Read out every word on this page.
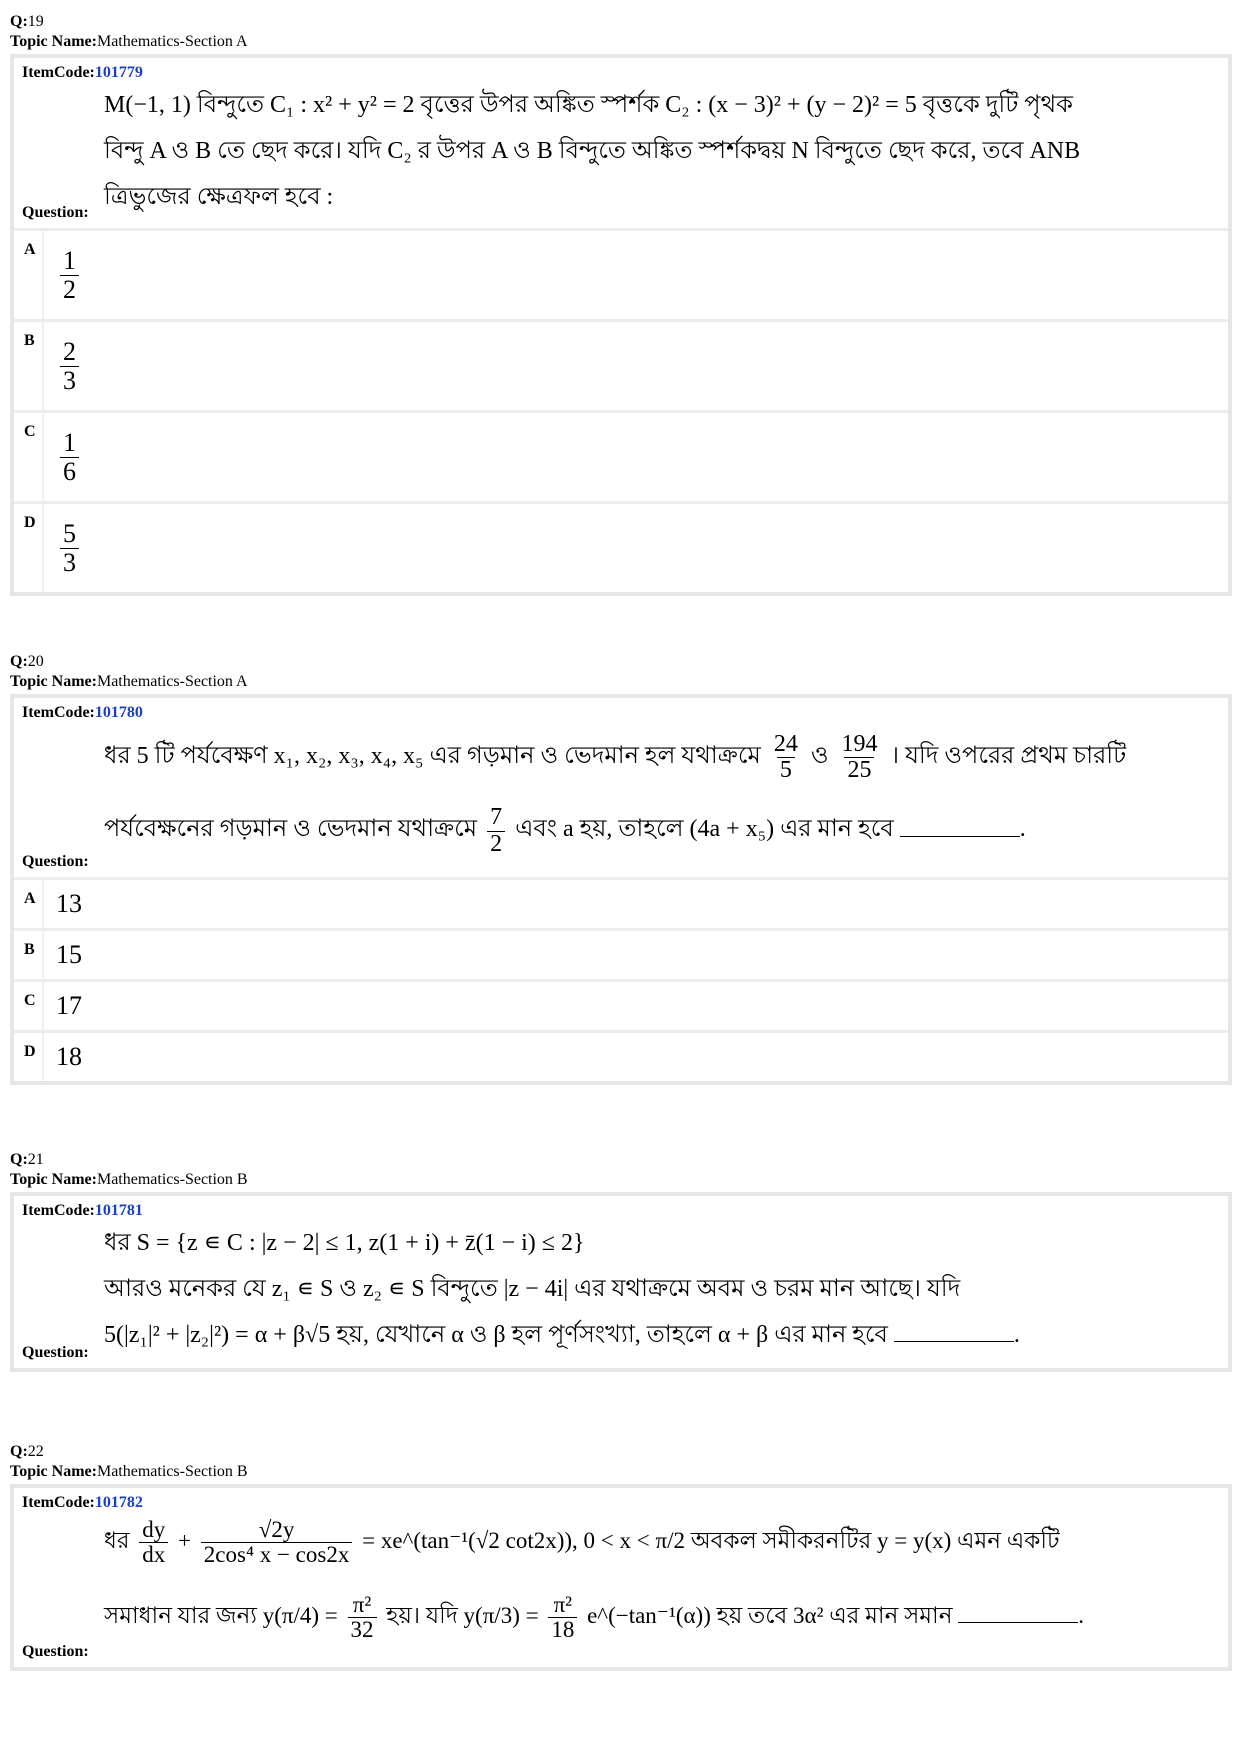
Q:19
Topic Name:Mathematics-Section A
ItemCode:101779
M(−1, 1) বিন্দুতে C₁ : x² + y² = 2 বৃত্তের উপর অঙ্কিত স্পর্শক C₂ : (x − 3)² + (y − 2)² = 5 বৃত্তকে দুটি পৃথক
বিন্দু A ও B তে ছেদ করে। যদি C₂ র উপর A ও B বিন্দুতে অঙ্কিত স্পর্শকদ্বয় N বিন্দুতে ছেদ করে, তবে ANB
ত্রিভুজের ক্ষেত্রফল হবে :
Question:
A $\frac{1}{2}$
B $\frac{2}{3}$
C $\frac{1}{6}$
D $\frac{5}{3}$
Q:20
Topic Name:Mathematics-Section A
ItemCode:101780
ধর 5 টি পর্যবেক্ষণ x₁, x₂, x₃, x₄, x₅ এর গড়মান ও ভেদমান হল যথাক্রমে $\frac{24}{5}$ ও $\frac{194}{25}$ । যদি ওপরের প্রথম চারটি
পর্যবেক্ষনের গড়মান ও ভেদমান যথাক্রমে $\frac{7}{2}$ এবং a হয়, তাহলে (4a + x₅) এর মান হবে	.
Question:
A 13
B 15
C 17
D 18
Q:21
Topic Name:Mathematics-Section B
ItemCode:101781
ধর S = {z ∊ C : |z − 2| ≤ 1, z(1 + i) + z̄(1 − i) ≤ 2}
আরও মনেকর যে z₁ ∊ S ও z₂ ∊ S বিন্দুতে |z − 4i| এর যথাক্রমে অবম ও চরম মান আছে। যদি
5(|z₁|² + |z₂|²) = α + β√5 হয়, যেখানে α ও β হল পূর্ণসংখ্যা, তাহলে α + β এর মান হবে	.
Question:
Q:22
Topic Name:Mathematics-Section B
ItemCode:101782
ধর $\frac{dy}{dx} + \frac{√2y}{\text{2cos⁴ x − cos2x}}$ = xe^(tan⁻¹(√2 cot2x)), 0 < x < π/2 অবকল সমীকরনটির y = y(x) এমন একটি
সমাধান যার জন্য $y(\pi/4) = \frac{\text{π²}}{32}$ হয়। যদি $y(\pi/3) = \frac{\text{π²}}{18}$ e^(−tan⁻¹(α)) হয় তবে 3α² এর মান সমান	.
Question:
